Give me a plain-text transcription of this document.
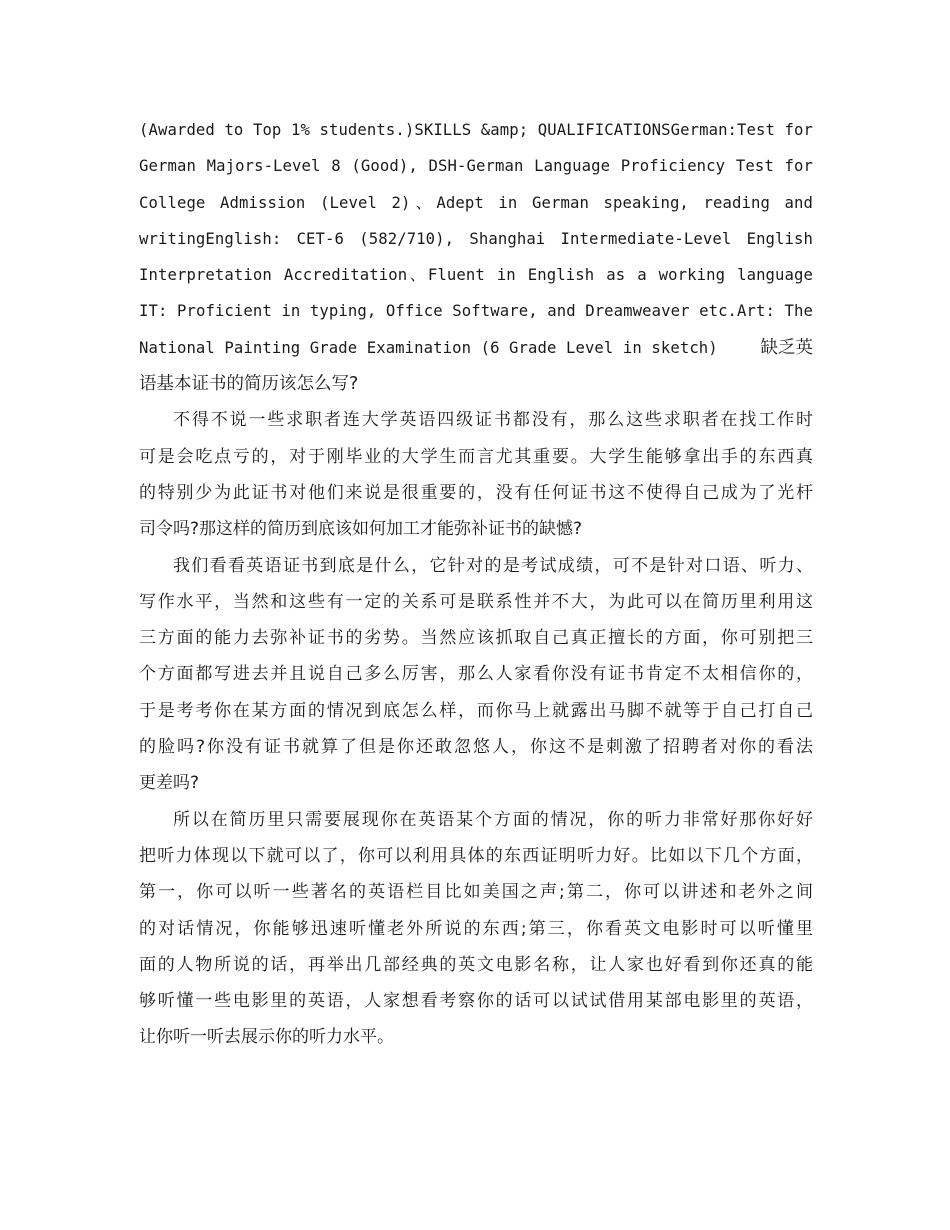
(Awarded to Top 1% students.)SKILLS &amp; QUALIFICATIONSGerman:Test for
German Majors-Level 8 (Good), DSH-German Language Proficiency Test for
College Admission (Level 2)、Adept in German speaking, reading and
writingEnglish: CET-6 (582/710), Shanghai Intermediate-Level English
Interpretation Accreditation、Fluent in English as a working language
IT: Proficient in typing, Office Software, and Dreamweaver etc.Art: The
National Painting Grade Examination (6 Grade Level in sketch) 缺乏英
语基本证书的简历该怎么写?
不得不说一些求职者连大学英语四级证书都没有，那么这些求职者在找工作时
可是会吃点亏的，对于刚毕业的大学生而言尤其重要。大学生能够拿出手的东西真
的特别少为此证书对他们来说是很重要的，没有任何证书这不使得自己成为了光杆
司令吗?那这样的简历到底该如何加工才能弥补证书的缺憾?
我们看看英语证书到底是什么，它针对的是考试成绩，可不是针对口语、听力、
写作水平，当然和这些有一定的关系可是联系性并不大，为此可以在简历里利用这
三方面的能力去弥补证书的劣势。当然应该抓取自己真正擅长的方面，你可别把三
个方面都写进去并且说自己多么厉害，那么人家看你没有证书肯定不太相信你的，
于是考考你在某方面的情况到底怎么样，而你马上就露出马脚不就等于自己打自己
的脸吗?你没有证书就算了但是你还敢忽悠人，你这不是刺激了招聘者对你的看法
更差吗?
所以在简历里只需要展现你在英语某个方面的情况，你的听力非常好那你好好
把听力体现以下就可以了，你可以利用具体的东西证明听力好。比如以下几个方面，
第一，你可以听一些著名的英语栏目比如美国之声;第二，你可以讲述和老外之间
的对话情况，你能够迅速听懂老外所说的东西;第三，你看英文电影时可以听懂里
面的人物所说的话，再举出几部经典的英文电影名称，让人家也好看到你还真的能
够听懂一些电影里的英语，人家想看考察你的话可以试试借用某部电影里的英语，
让你听一听去展示你的听力水平。
